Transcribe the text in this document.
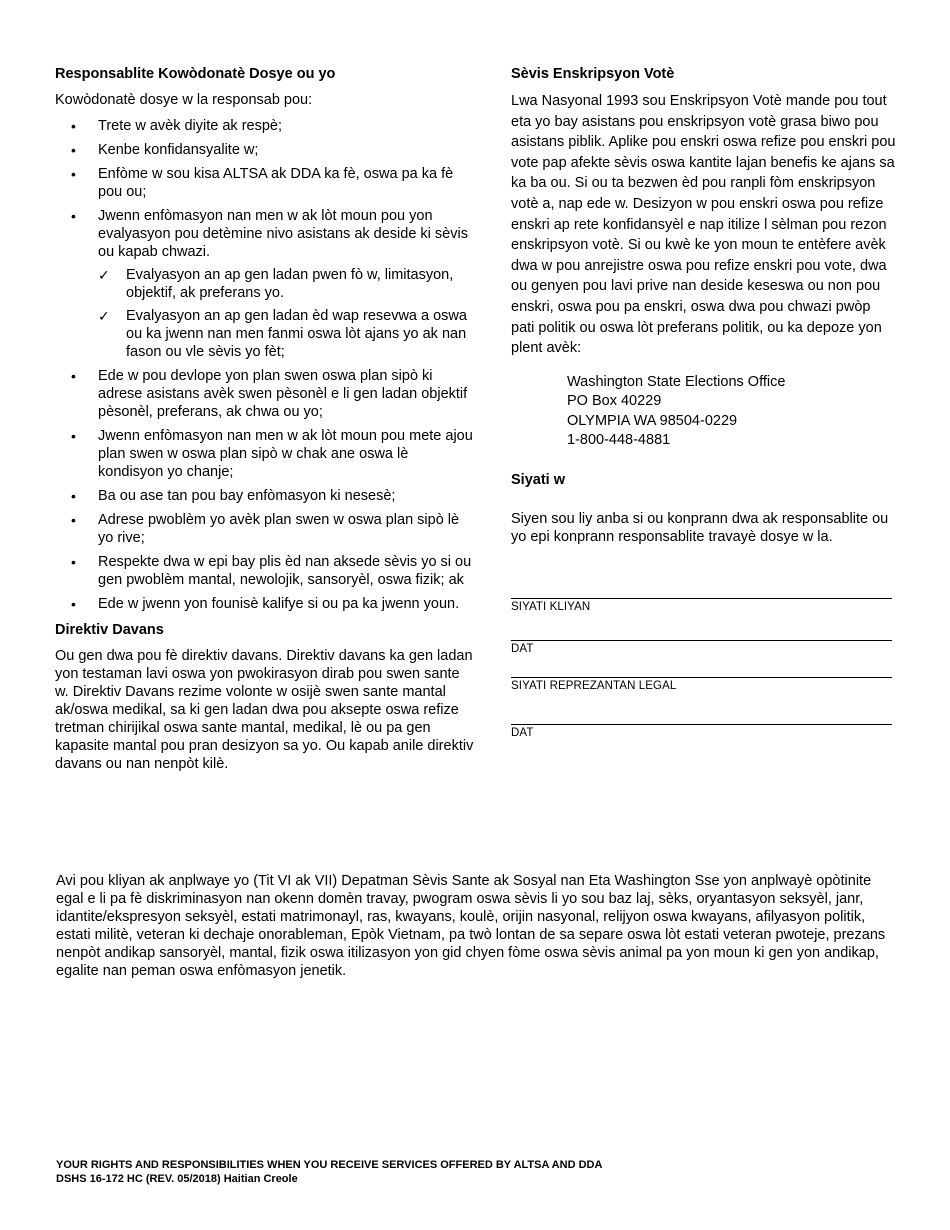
Responsablite Kowòdonatè Dosye ou yo
Kowòdonatè dosye w la responsab pou:
• Trete w avèk diyite ak respè;
• Kenbe konfidansyalite w;
• Enfòme w sou kisa ALTSA ak DDA ka fè, oswa pa ka fè pou ou;
• Jwenn enfòmasyon nan men w ak lòt moun pou yon evalyasyon pou detèmine nivo asistans ak deside ki sèvis ou kapab chwazi.
✓ Evalyasyon an ap gen ladan pwen fò w, limitasyon, objektif, ak preferans yo.
✓ Evalyasyon an ap gen ladan èd wap resevwa a oswa ou ka jwenn nan men fanmi oswa lòt ajans yo ak nan fason ou vle sèvis yo fèt;
• Ede w pou devlope yon plan swen oswa plan sipò ki adrese asistans avèk swen pèsonèl e li gen ladan objektif pèsonèl, preferans, ak chwa ou yo;
• Jwenn enfòmasyon nan men w ak lòt moun pou mete ajou plan swen w oswa plan sipò w chak ane oswa lè kondisyon yo chanje;
• Ba ou ase tan pou bay enfòmasyon ki nesesè;
• Adrese pwoblèm yo avèk plan swen w oswa plan sipò lè yo rive;
• Respekte dwa w epi bay plis èd nan aksede sèvis yo si ou gen pwoblèm mantal, newolojik, sansoryèl, oswa fizik; ak
• Ede w jwenn yon founisè kalifye si ou pa ka jwenn youn.
Direktiv Davans

Ou gen dwa pou fè direktiv davans. Direktiv davans ka gen ladan yon testaman lavi oswa yon pwokirasyon dirab pou swen sante w. Direktiv Davans rezime volonte w osijè swen sante mantal ak/oswa medikal, sa ki gen ladan dwa pou aksepte oswa refize tretman chirijikal oswa sante mantal, medikal, lè ou pa gen kapasite mantal pou pran desizyon sa yo. Ou kapab anile direktiv davans ou nan nenpòt kilè.

Sèvis Enskripsyon Votè

Lwa Nasyonal 1993 sou Enskripsyon Votè mande pou tout eta yo bay asistans pou enskripsyon votè grasa biwo pou asistans piblik. Aplike pou enskri oswa refize pou enskri pou vote pap afekte sèvis oswa kantite lajan benefis ke ajans sa ka ba ou. Si ou ta bezwen èd pou ranpli fòm enskripsyon votè a, nap ede w. Desizyon w pou enskri oswa pou refize enskri ap rete konfidansyèl e nap itilize l sèlman pou rezon enskripsyon votè. Si ou kwè ke yon moun te entèfere avèk dwa w pou anrejistre oswa pou refize enskri pou vote, dwa ou genyen pou lavi prive nan deside keseswa ou non pou enskri, oswa pou pa enskri, oswa dwa pou chwazi pwòp pati politik ou oswa lòt preferans politik, ou ka depoze yon plent avèk:

Washington State Elections Office
PO Box 40229
OLYMPIA WA 98504-0229
1-800-448-4881
Siyati w

Siyen sou liy anba si ou konprann dwa ak responsablite ou yo epi konprann responsablite travayè dosye w la.

SIYATI KLIYAN
DAT
SIYATI REPREZANTAN LEGAL
DAT

Avi pou kliyan ak anplwaye yo (Tit VI ak VII) Depatman Sèvis Sante ak Sosyal nan Eta Washington Sse yon anplwayè opòtinite egal e li pa fè diskriminasyon nan okenn domèn travay, pwogram oswa sèvis li yo sou baz laj, sèks, oryantasyon seksyèl, janr, idantite/ekspresyon seksyèl, estati matrimonayl, ras, kwayans, koulè, orijin nasyonal, relijyon oswa kwayans, afilyasyon politik, estati militè, veteran ki dechaje onorableman, Epòk Vietnam, pa twò lontan de sa separe oswa lòt estati veteran pwoteje, prezans nenpòt andikap sansoryèl, mantal, fizik oswa itilizasyon yon gid chyen fòme oswa sèvis animal pa yon moun ki gen yon andikap, egalite nan peman oswa enfòmasyon jenetik.

YOUR RIGHTS AND RESPONSIBILITIES WHEN YOU RECEIVE SERVICES OFFERED BY ALTSA AND DDA
DSHS 16-172 HC (REV. 05/2018) Haitian Creole
